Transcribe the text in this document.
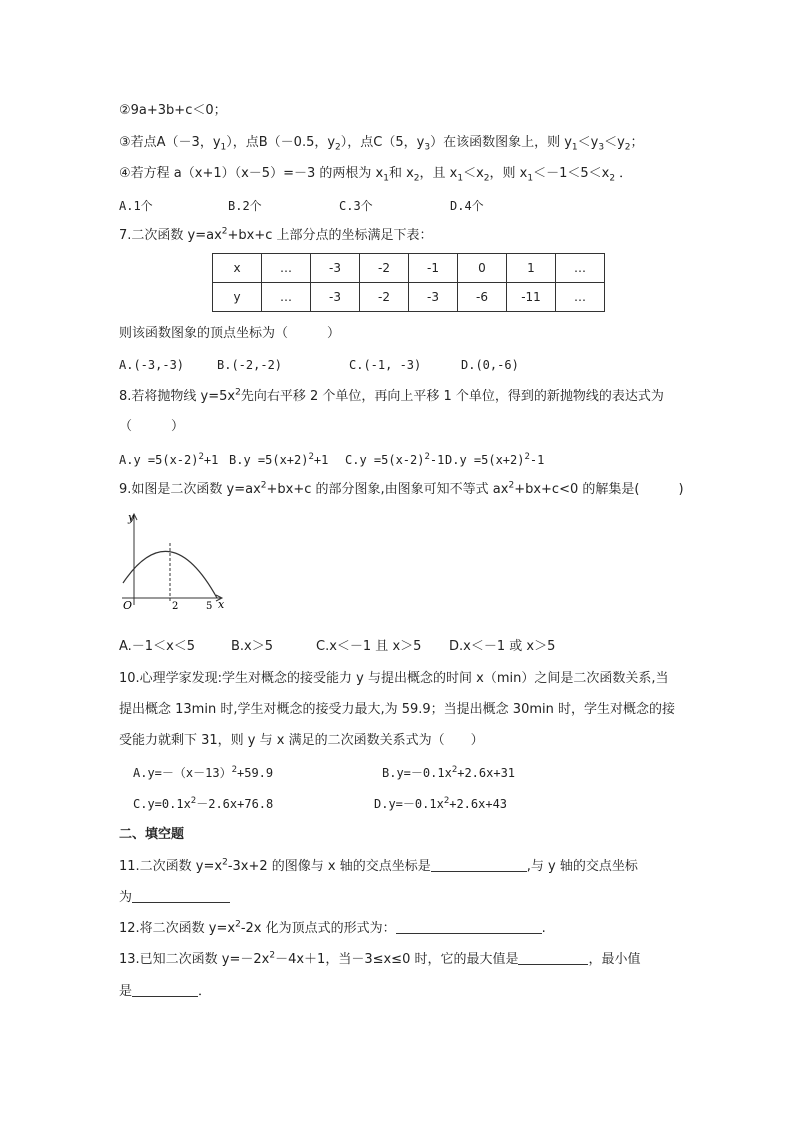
②9a+3b+c＜0；
③若点A（－3，$y_1$），点B（－0.5，$y_2$），点C（5，$y_3$）在该函数图象上，则 $y_1<y_3<y_2$；
④若方程 a（x+1）（x－5）=－3 的两根为 $x_1$和 $x_2$，且 $x_1<x_2$，则 $x_1<-1<5<x_2$ ．
A.1个	B.2个	C.3个	D.4个
7.二次函数 $y=ax^2+bx+c$ 上部分点的坐标满足下表：
x	…	-3	-2	-1	0	1	…
y	…	-3	-2	-3	-6	-11	…
则该函数图象的顶点坐标为（　　　）
A.(-3,-3)	B.(-2,-2)	C.(-1, -3)	D.(0,-6)
8.若将抛物线 $y=5x^2$先向右平移 2 个单位，再向上平移 1 个单位，得到的新抛物线的表达式为
（　　　）
$A.y =5(x-2)^2+1$ $B.y =5(x+2)^2+1$ $C.y =5(x-2)^2-1$ $D.y =5(x+2)^2-1$
9.如图是二次函数 $y=ax^2+bx+c$ 的部分图象,由图象可知不等式 $ax^2+bx+c<0$ 的解集是(　　　)
y
x
O	2	5
A.－1＜x＜5	B.x＞5	C.x＜－1 且 x＞5 D.x＜－1 或 x＞5
10.心理学家发现:学生对概念的接受能力 y 与提出概念的时间 x（min）之间是二次函数关系,当
提出概念 13min 时,学生对概念的接受力最大,为 59.9；当提出概念 30min 时，学生对概念的接
受能力就剩下 31，则 y 与 x 满足的二次函数关系式为（　　）
$A.y=-(x-13)^2+59.9$	$B.y=-0.1x^2+2.6x+31$
$C.y=0.1x^2-2.6x+76.8$	$D.y=-0.1x^2+2.6x+43$
二、填空题
11.二次函数 $y=x^2-3x+2$ 的图像与 x 轴的交点坐标是	,与 y 轴的交点坐标
为
12.将二次函数 $y=x^2-2x$ 化为顶点式的形式为：	.
13.已知二次函数 $y=-2x^2-4x+1$，当－3≤x≤0 时，它的最大值是	，最小值
是	．
